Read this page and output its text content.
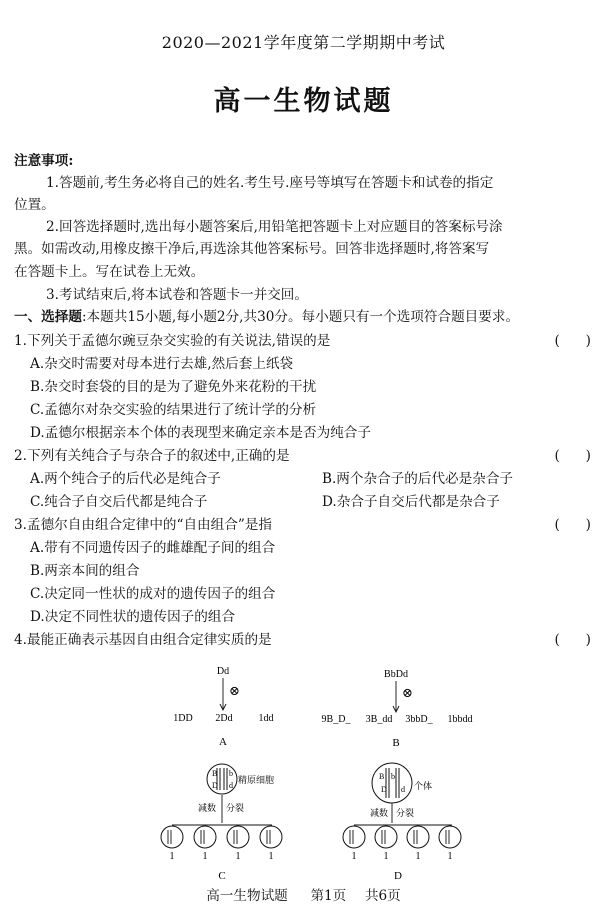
2020—2021学年度第二学期期中考试
高一生物试题
注意事项:
1.答题前,考生务必将自己的姓名.考生号.座号等填写在答题卡和试卷的指定
位置。
2.回答选择题时,选出每小题答案后,用铅笔把答题卡上对应题目的答案标号涂
黑。如需改动,用橡皮擦干净后,再选涂其他答案标号。回答非选择题时,将答案写
在答题卡上。写在试卷上无效。
3.考试结束后,将本试卷和答题卡一并交回。
一、选择题:本题共15小题,每小题2分,共30分。每小题只有一个选项符合题目要求。
1.下列关于孟德尔豌豆杂交实验的有关说法,错误的是	(      )
A.杂交时需要对母本进行去雄,然后套上纸袋
B.杂交时套袋的目的是为了避免外来花粉的干扰
C.孟德尔对杂交实验的结果进行了统计学的分析
D.孟德尔根据亲本个体的表现型来确定亲本是否为纯合子
2.下列有关纯合子与杂合子的叙述中,正确的是	(      )
A.两个纯合子的后代必是纯合子	B.两个杂合子的后代必是杂合子
C.纯合子自交后代都是纯合子	D.杂合子自交后代都是杂合子
3.孟德尔自由组合定律中的“自由组合”是指	(      )
A.带有不同遗传因子的雌雄配子间的组合
B.两亲本间的组合
C.决定同一性状的成对的遗传因子的组合
D.决定不同性状的遗传因子的组合
4.最能正确表示基因自由组合定律实质的是	(      )
Dd
⊗
1DD 2Dd	1dd
A
BbDd
⊗
9B_D_ 3B_dd 3bbD_ 1bbdd
B
B b
D d
精原细胞
减数 分裂
1	1	1	1
C
B b
D d 个体
减数 分裂
1	1	1	1
D
高一生物试题 第1页 共6页
